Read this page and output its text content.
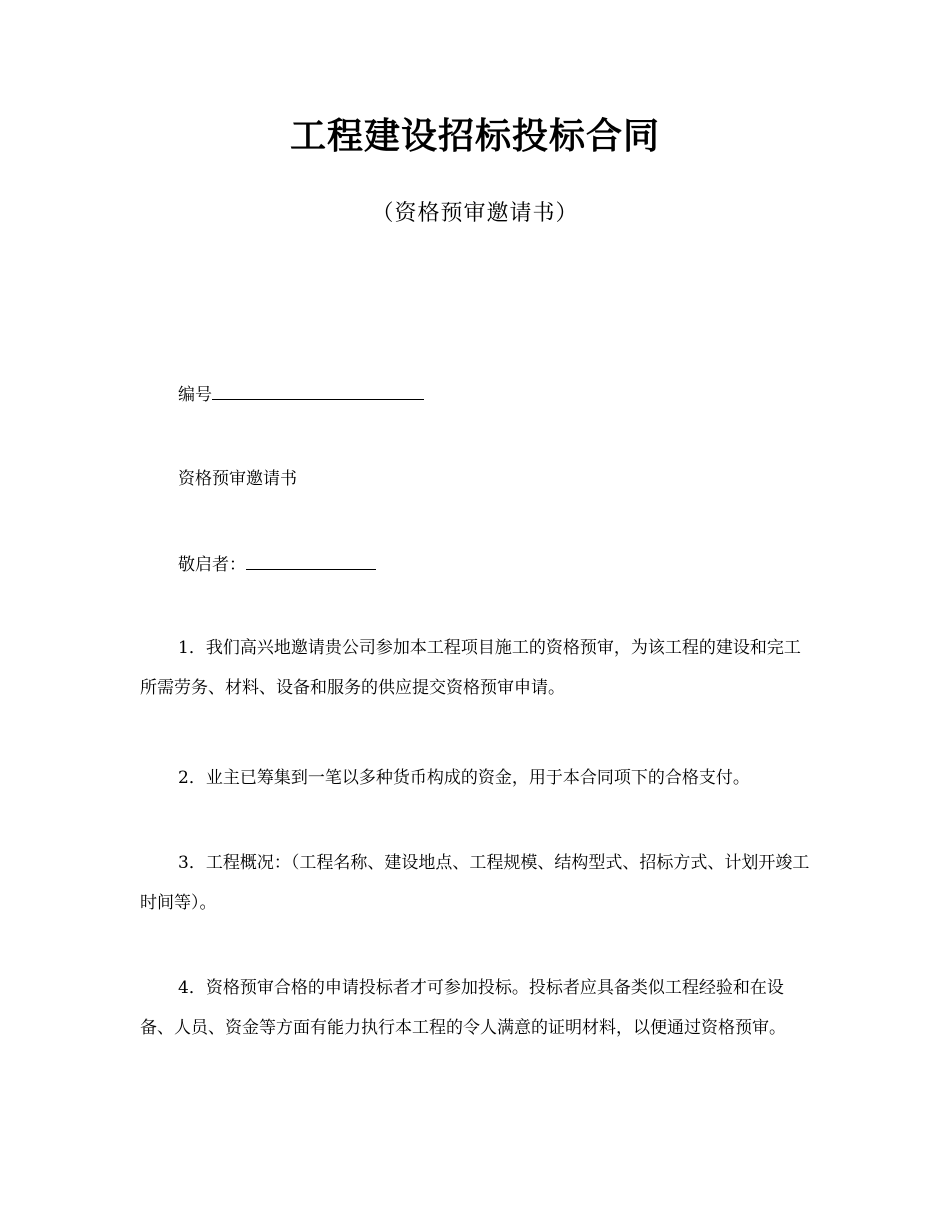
工程建设招标投标合同
（资格预审邀请书）
编号
资格预审邀请书
敬启者：

1．我们高兴地邀请贵公司参加本工程项目施工的资格预审，为该工程的建设和完工所需劳务、材料、设备和服务的供应提交资格预审申请。

2．业主已筹集到一笔以多种货币构成的资金，用于本合同项下的合格支付。

3．工程概况：（工程名称、建设地点、工程规模、结构型式、招标方式、计划开竣工时间等）。

4．资格预审合格的申请投标者才可参加投标。投标者应具备类似工程经验和在设备、人员、资金等方面有能力执行本工程的令人满意的证明材料，以便通过资格预审。
